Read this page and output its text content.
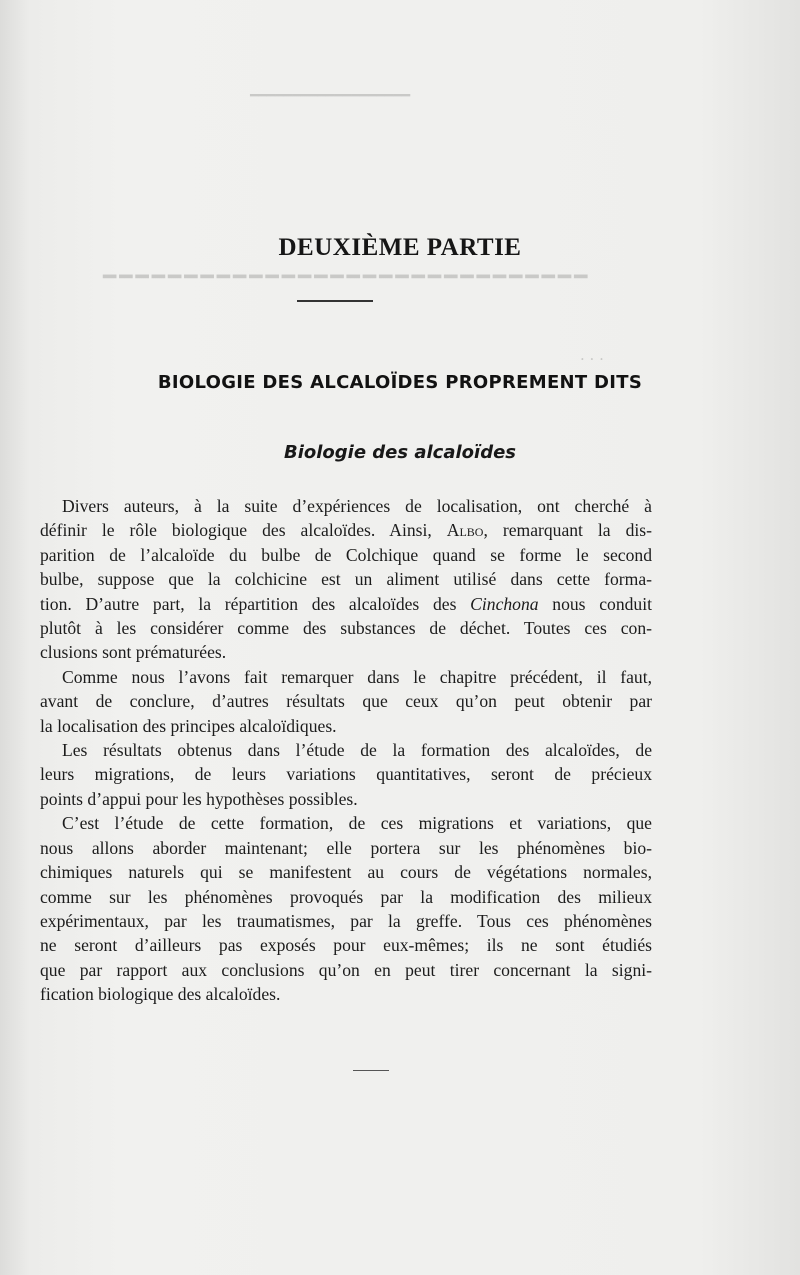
━━━━━━━━━━━━━━━━━━━
━━━━━━━━━━━━━━━━━━━━━━━━━━━━━━
· · ·
DEUXIÈME PARTIE
BIOLOGIE DES ALCALOÏDES PROPREMENT DITS
Biologie des alcaloïdes
Divers auteurs, à la suite d’expériences de localisation, ont cherché à
définir le rôle biologique des alcaloïdes. Ainsi, Albo, remarquant la dis-
parition de l’alcaloïde du bulbe de Colchique quand se forme le second
bulbe, suppose que la colchicine est un aliment utilisé dans cette forma-
tion. D’autre part, la répartition des alcaloïdes des Cinchona nous conduit
plutôt à les considérer comme des substances de déchet. Toutes ces con-
clusions sont prématurées.
Comme nous l’avons fait remarquer dans le chapitre précédent, il faut,
avant de conclure, d’autres résultats que ceux qu’on peut obtenir par
la localisation des principes alcaloïdiques.
Les résultats obtenus dans l’étude de la formation des alcaloïdes, de
leurs migrations, de leurs variations quantitatives, seront de précieux
points d’appui pour les hypothèses possibles.
C’est l’étude de cette formation, de ces migrations et variations, que
nous allons aborder maintenant; elle portera sur les phénomènes bio-
chimiques naturels qui se manifestent au cours de végétations normales,
comme sur les phénomènes provoqués par la modification des milieux
expérimentaux, par les traumatismes, par la greffe. Tous ces phénomènes
ne seront d’ailleurs pas exposés pour eux-mêmes; ils ne sont étudiés
que par rapport aux conclusions qu’on en peut tirer concernant la signi-
fication biologique des alcaloïdes.
